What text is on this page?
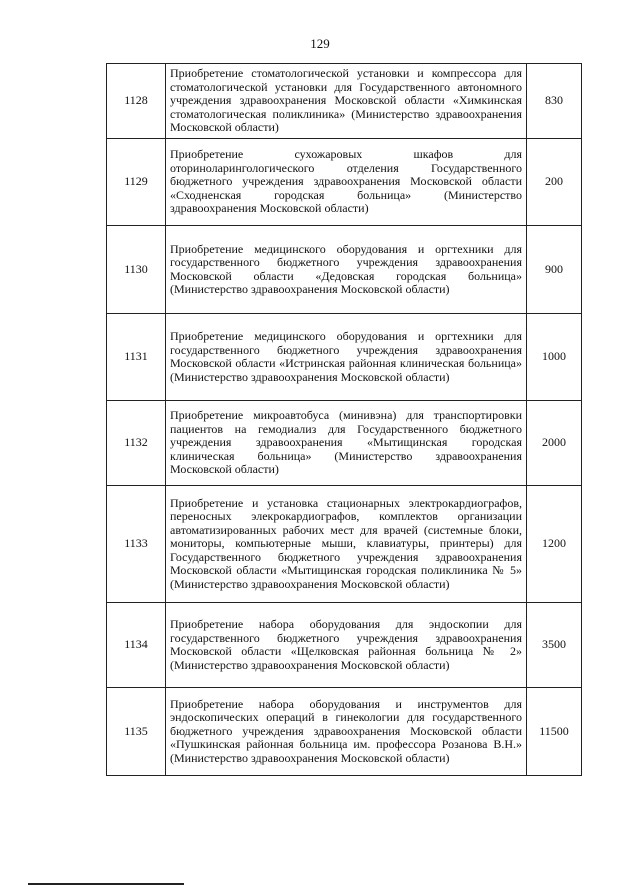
129
1128	Приобретение стоматологической установки и компрессора для стоматологической установки для Государственного автономного учреждения здравоохранения Московской области «Химкинская стоматологическая поликлиника» (Министерство здравоохранения Московской области)	830
1129	Приобретение сухожаровых шкафов для оториноларингологического отделения Государственного бюджетного учреждения здравоохранения Московской области «Сходненская городская больница» (Министерство здравоохранения Московской области)	200
1130	Приобретение медицинского оборудования и оргтехники для государственного бюджетного учреждения здравоохранения Московской области «Дедовская городская больница» (Министерство здравоохранения Московской области)	900
1131	Приобретение медицинского оборудования и оргтехники для государственного бюджетного учреждения здравоохранения Московской области «Истринская районная клиническая больница» (Министерство здравоохранения Московской области)	1000
1132	Приобретение микроавтобуса (минивэна) для транспортировки пациентов на гемодиализ для Государственного бюджетного учреждения здравоохранения «Мытищинская городская клиническая больница» (Министерство здравоохранения Московской области)	2000
1133	Приобретение и установка стационарных электрокардиографов, переносных элекрокардиографов, комплектов организации автоматизированных рабочих мест для врачей (системные блоки, мониторы, компьютерные мыши, клавиатуры, принтеры) для Государственного бюджетного учреждения здравоохранения Московской области «Мытищинская городская поликлиника № 5» (Министерство здравоохранения Московской области)	1200
1134	Приобретение набора оборудования для эндоскопии для государственного бюджетного учреждения здравоохранения Московской области «Щелковская районная больница № 2» (Министерство здравоохранения Московской области)	3500
1135	Приобретение набора оборудования и инструментов для эндоскопических операций в гинекологии для государственного бюджетного учреждения здравоохранения Московской области «Пушкинская районная больница им. профессора Розанова В.Н.» (Министерство здравоохранения Московской области)	11500
